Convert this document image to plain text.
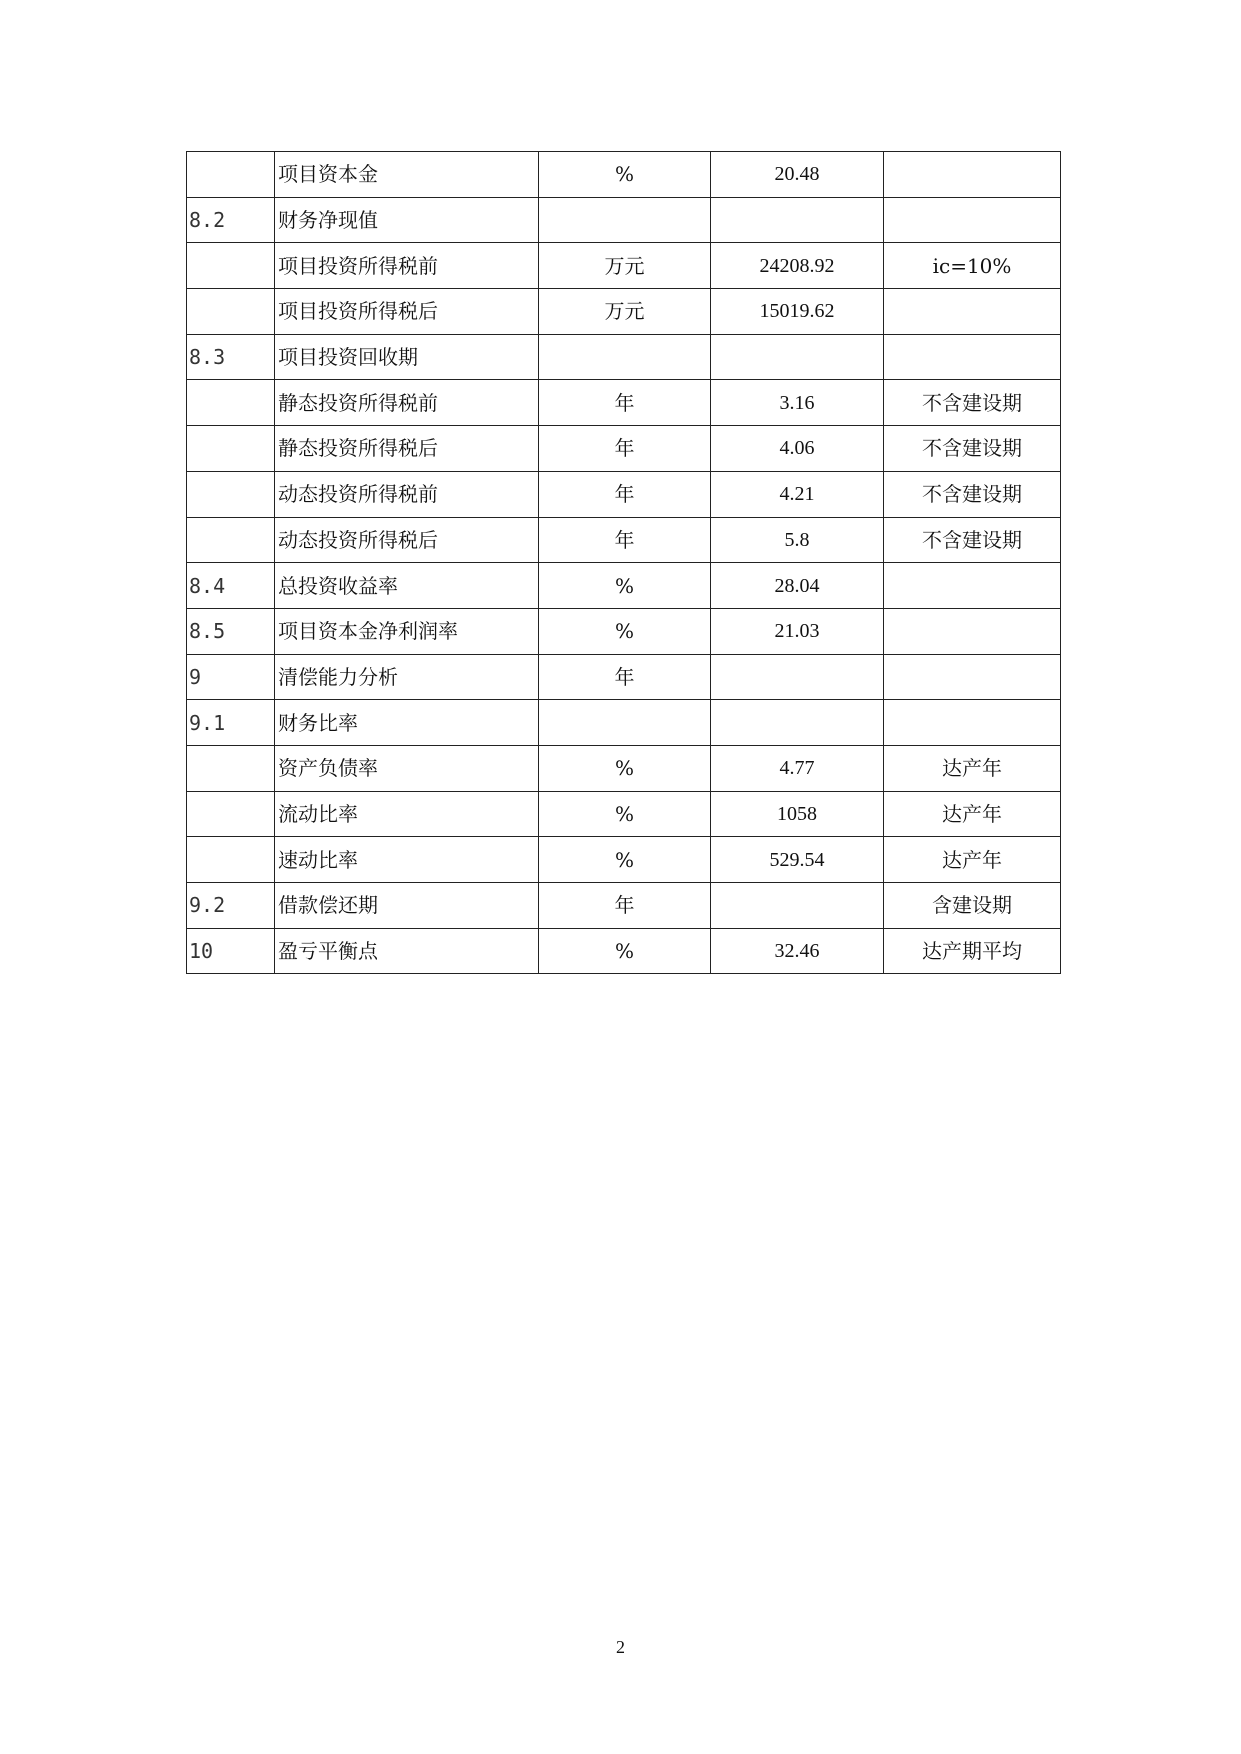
	项目资本金	%	20.48	
8.2	财务净现值			
	项目投资所得税前	万元	24208.92	ic=10%
	项目投资所得税后	万元	15019.62	
8.3	项目投资回收期			
	静态投资所得税前	年	3.16	不含建设期
	静态投资所得税后	年	4.06	不含建设期
	动态投资所得税前	年	4.21	不含建设期
	动态投资所得税后	年	5.8	不含建设期
8.4	总投资收益率	%	28.04	
8.5	项目资本金净利润率	%	21.03	
9	清偿能力分析	年		
9.1	财务比率			
	资产负债率	%	4.77	达产年
	流动比率	%	1058	达产年
	速动比率	%	529.54	达产年
9.2	借款偿还期	年		含建设期
10	盈亏平衡点	%	32.46	达产期平均
2
